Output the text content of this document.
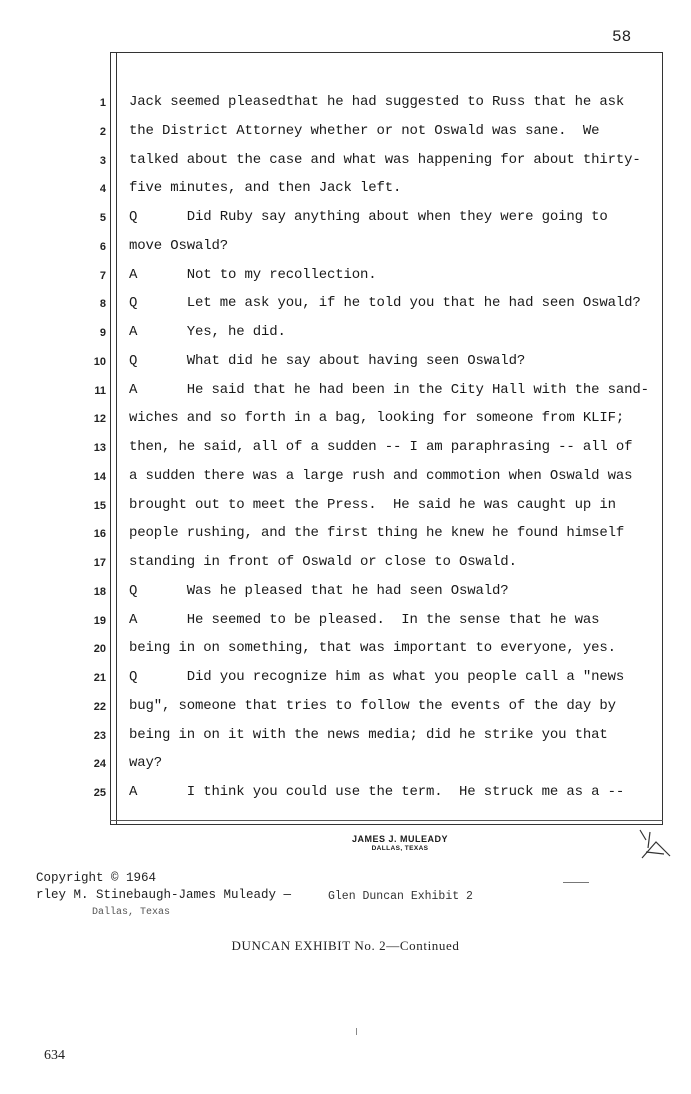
58
1 Jack seemed pleasedthat he had suggested to Russ that he ask
2 the District Attorney whether or not Oswald was sane.  We
3 talked about the case and what was happening for about thirty-
4 five minutes, and then Jack left.
5 Q      Did Ruby say anything about when they were going to
6 move Oswald?
7 A      Not to my recollection.
8 Q      Let me ask you, if he told you that he had seen Oswald?
9 A      Yes, he did.
10 Q      What did he say about having seen Oswald?
11 A      He said that he had been in the City Hall with the sand-
12 wiches and so forth in a bag, looking for someone from KLIF;
13 then, he said, all of a sudden -- I am paraphrasing -- all of
14 a sudden there was a large rush and commotion when Oswald was
15 brought out to meet the Press.  He said he was caught up in
16 people rushing, and the first thing he knew he found himself
17 standing in front of Oswald or close to Oswald.
18 Q      Was he pleased that he had seen Oswald?
19 A      He seemed to be pleased.  In the sense that he was
20 being in on something, that was important to everyone, yes.
21 Q      Did you recognize him as what you people call a "news
22 bug", someone that tries to follow the events of the day by
23 being in on it with the news media; did he strike you that
24 way?
25 A      I think you could use the term.  He struck me as a --
JAMES J. MULEADY
DALLAS, TEXAS
Copyright © 1964
rley M. Stinebaugh-James Muleady —
Dallas, Texas
Glen Duncan Exhibit 2
DUNCAN EXHIBIT No. 2—Continued
634
